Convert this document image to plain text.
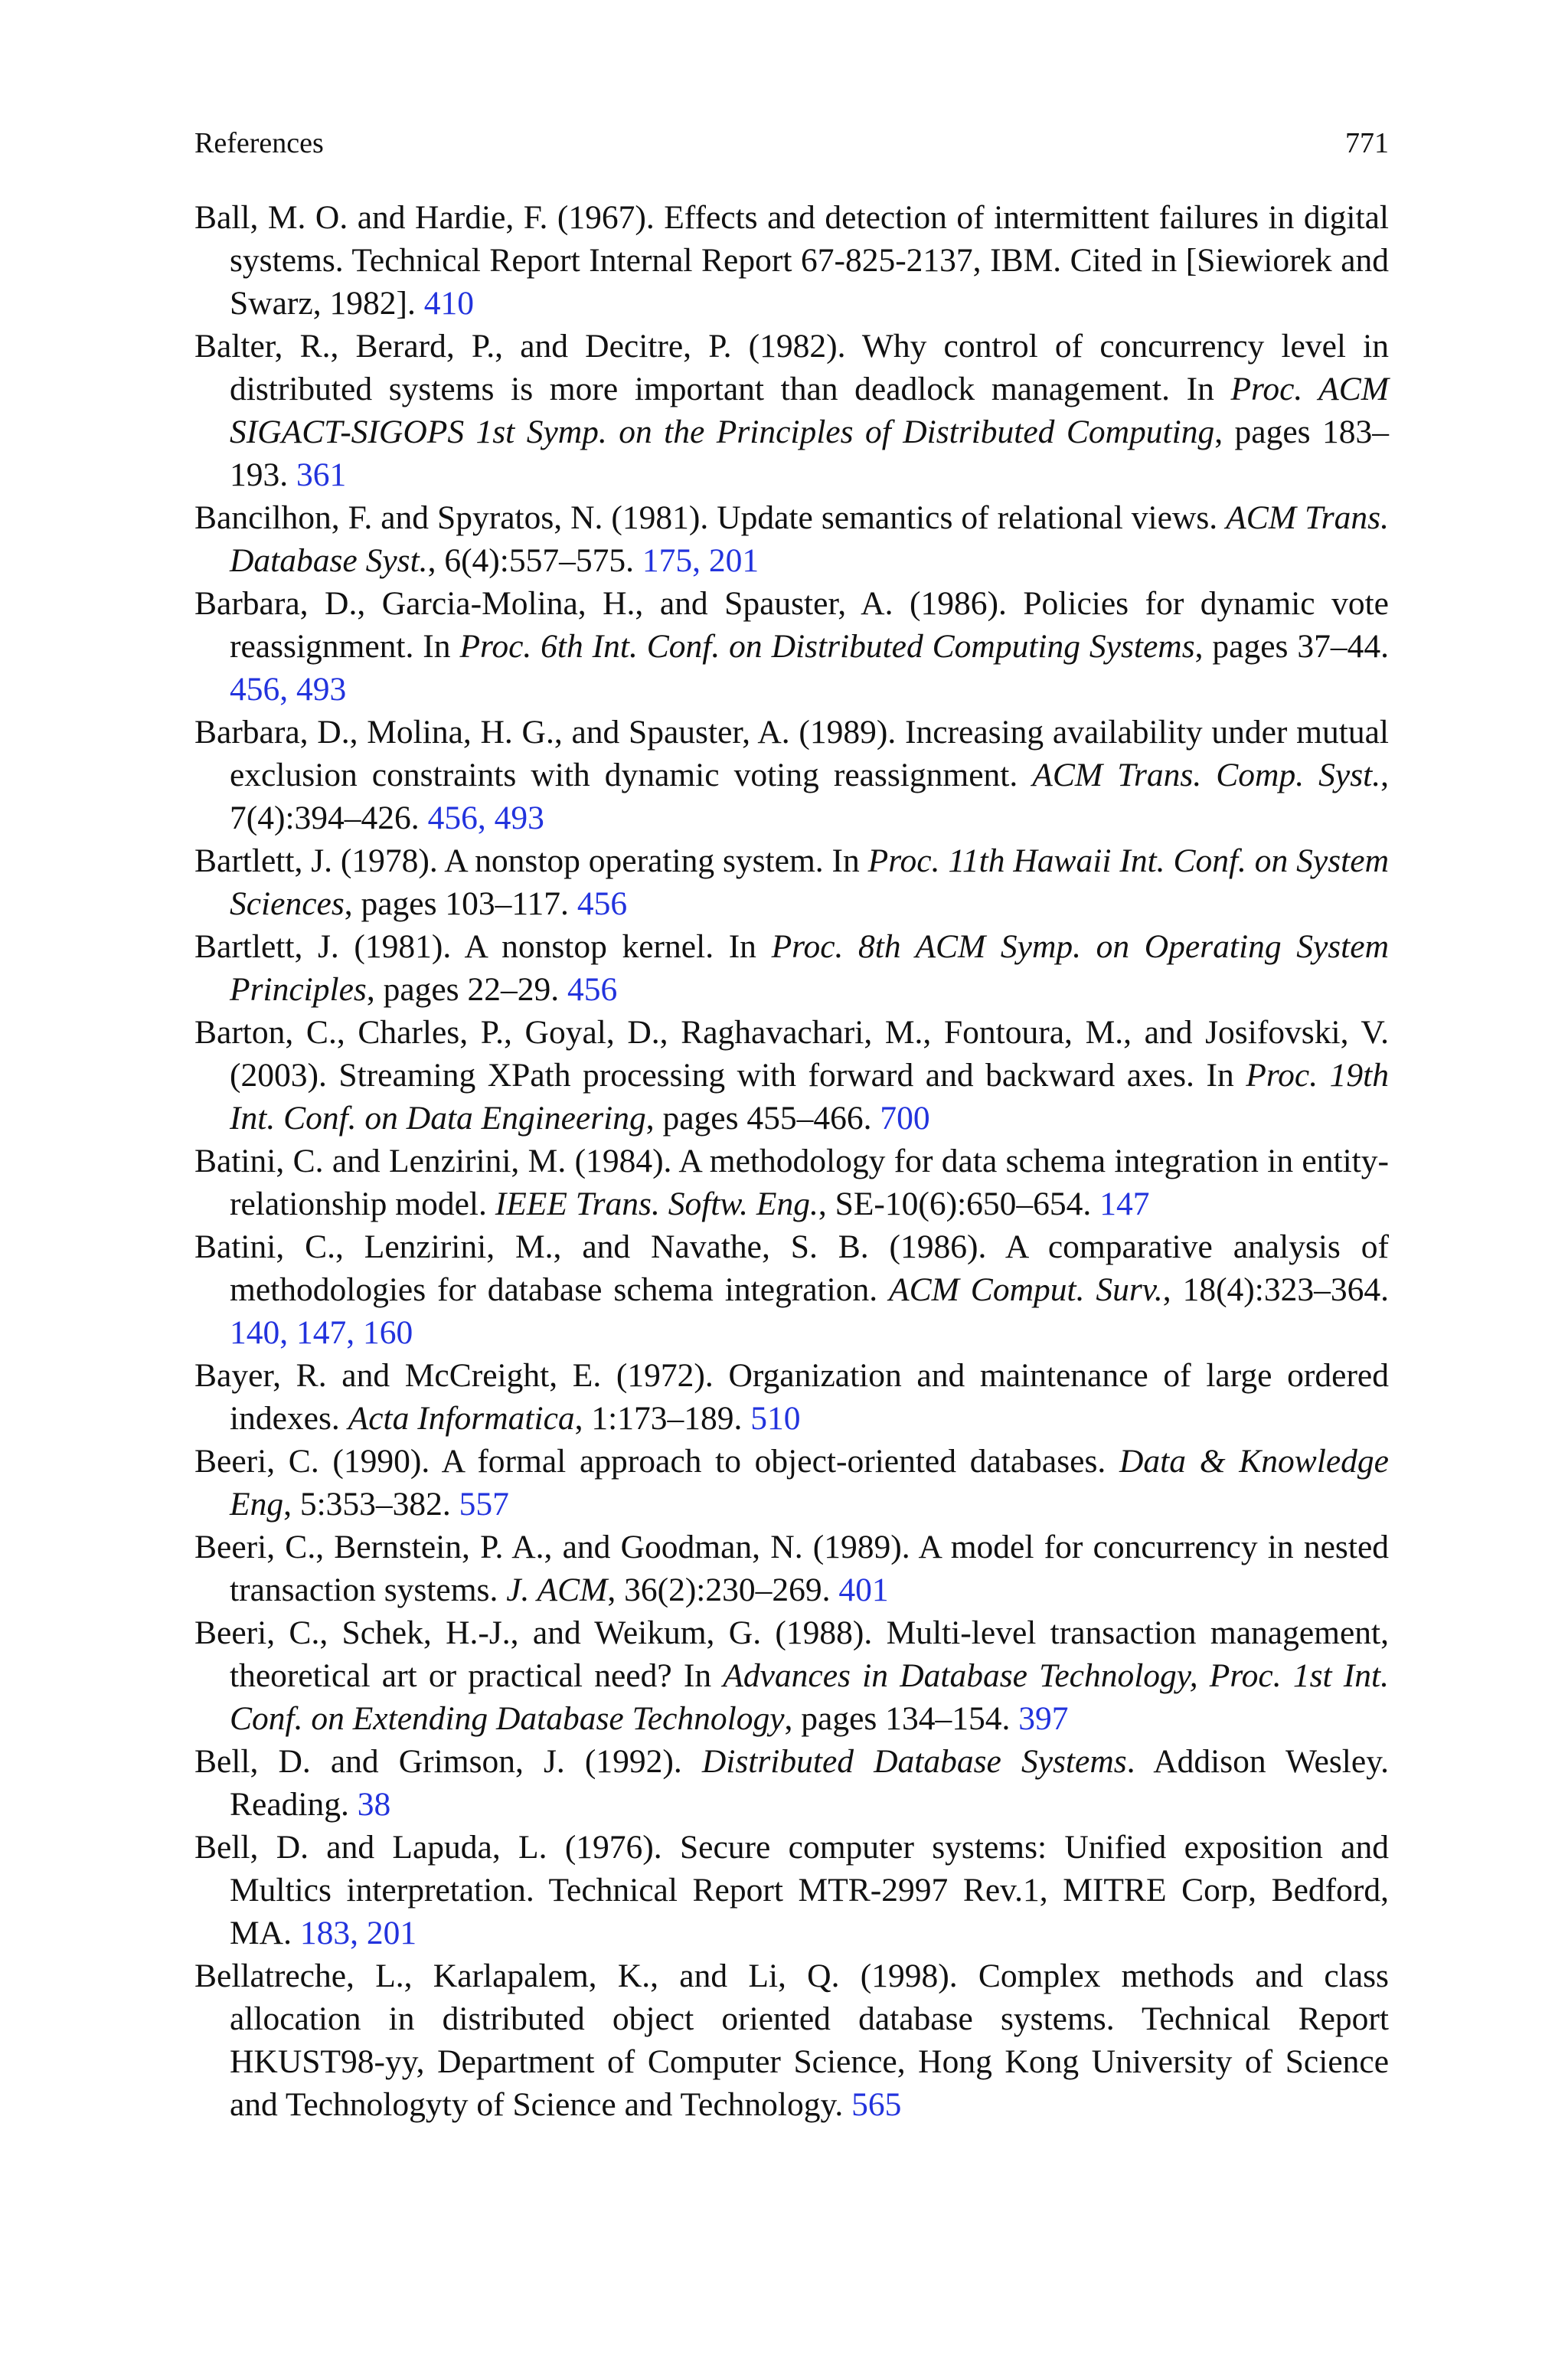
References	771
Ball, M. O. and Hardie, F. (1967). Effects and detection of intermittent failures in digital systems. Technical Report Internal Report 67-825-2137, IBM. Cited in [Siewiorek and Swarz, 1982]. 410
Balter, R., Berard, P., and Decitre, P. (1982). Why control of concurrency level in distributed systems is more important than deadlock management. In Proc. ACM SIGACT-SIGOPS 1st Symp. on the Principles of Distributed Computing, pages 183–193. 361
Bancilhon, F. and Spyratos, N. (1981). Update semantics of relational views. ACM Trans. Database Syst., 6(4):557–575. 175, 201
Barbara, D., Garcia-Molina, H., and Spauster, A. (1986). Policies for dynamic vote reassignment. In Proc. 6th Int. Conf. on Distributed Computing Systems, pages 37–44. 456, 493
Barbara, D., Molina, H. G., and Spauster, A. (1989). Increasing availability under mutual exclusion constraints with dynamic voting reassignment. ACM Trans. Comp. Syst., 7(4):394–426. 456, 493
Bartlett, J. (1978). A nonstop operating system. In Proc. 11th Hawaii Int. Conf. on System Sciences, pages 103–117. 456
Bartlett, J. (1981). A nonstop kernel. In Proc. 8th ACM Symp. on Operating System Principles, pages 22–29. 456
Barton, C., Charles, P., Goyal, D., Raghavachari, M., Fontoura, M., and Josifovski, V. (2003). Streaming XPath processing with forward and backward axes. In Proc. 19th Int. Conf. on Data Engineering, pages 455–466. 700
Batini, C. and Lenzirini, M. (1984). A methodology for data schema integration in entity-relationship model. IEEE Trans. Softw. Eng., SE-10(6):650–654. 147
Batini, C., Lenzirini, M., and Navathe, S. B. (1986). A comparative analysis of methodologies for database schema integration. ACM Comput. Surv., 18(4):323–364. 140, 147, 160
Bayer, R. and McCreight, E. (1972). Organization and maintenance of large ordered indexes. Acta Informatica, 1:173–189. 510
Beeri, C. (1990). A formal approach to object-oriented databases. Data & Knowledge Eng, 5:353–382. 557
Beeri, C., Bernstein, P. A., and Goodman, N. (1989). A model for concurrency in nested transaction systems. J. ACM, 36(2):230–269. 401
Beeri, C., Schek, H.-J., and Weikum, G. (1988). Multi-level transaction management, theoretical art or practical need? In Advances in Database Technology, Proc. 1st Int. Conf. on Extending Database Technology, pages 134–154. 397
Bell, D. and Grimson, J. (1992). Distributed Database Systems. Addison Wesley. Reading. 38
Bell, D. and Lapuda, L. (1976). Secure computer systems: Unified exposition and Multics interpretation. Technical Report MTR-2997 Rev.1, MITRE Corp, Bedford, MA. 183, 201
Bellatreche, L., Karlapalem, K., and Li, Q. (1998). Complex methods and class allocation in distributed object oriented database systems. Technical Report HKUST98-yy, Department of Computer Science, Hong Kong University of Science and Technologyty of Science and Technology. 565
